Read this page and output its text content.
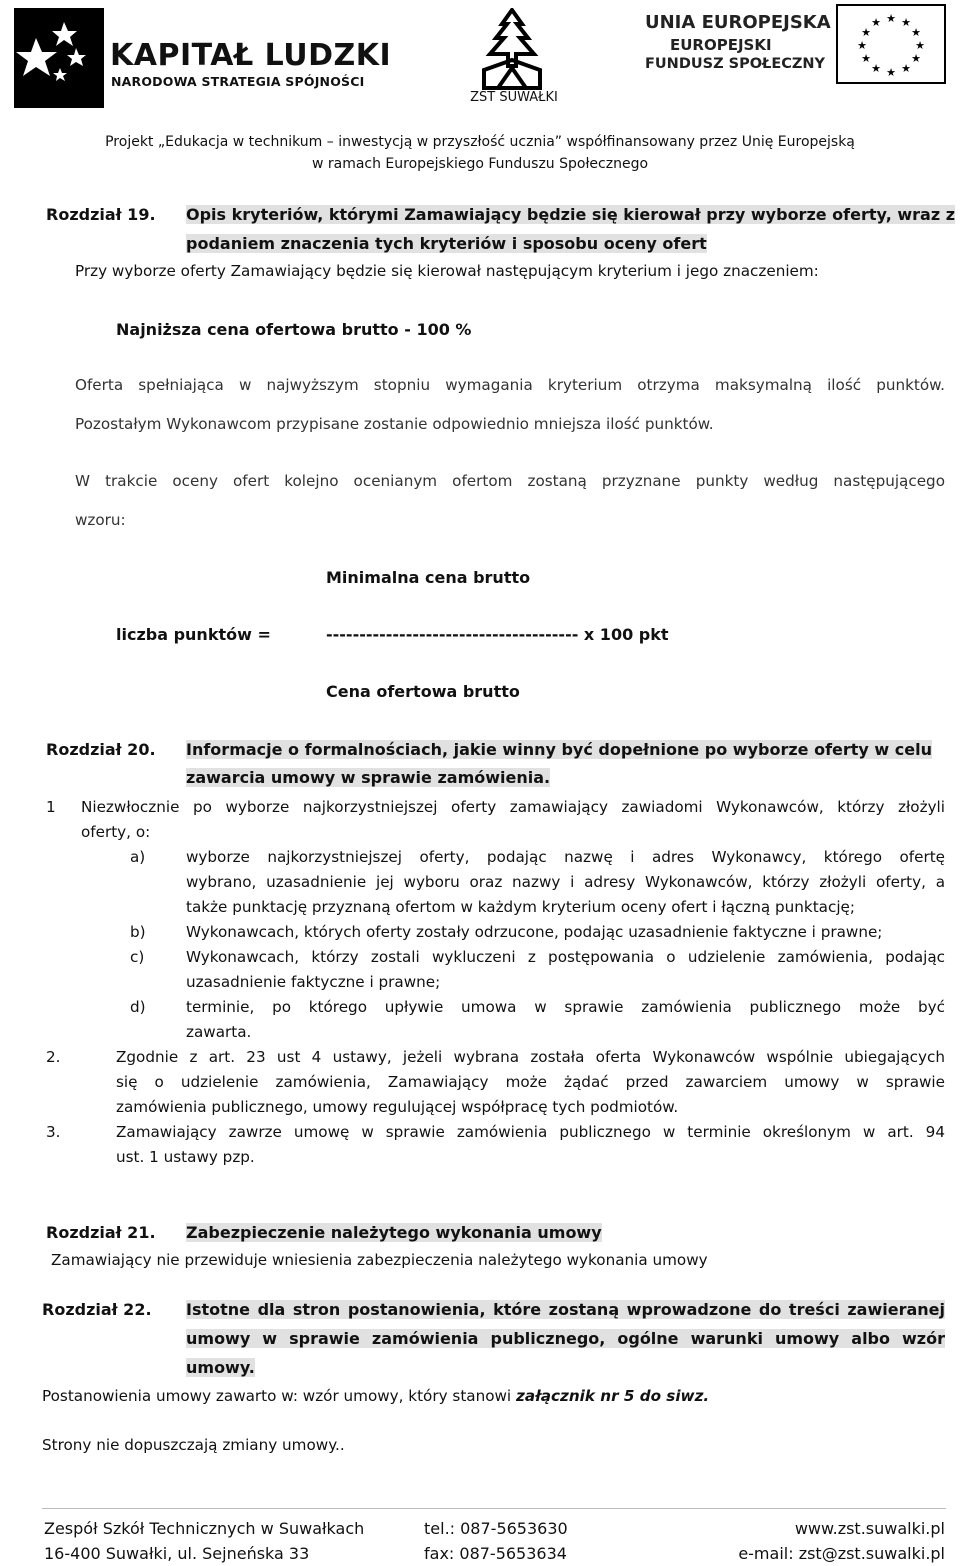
KAPITAŁ LUDZKI
NARODOWA STRATEGIA SPÓJNOŚCI
ZST SUWAŁKI
UNIA EUROPEJSKA
EUROPEJSKI
FUNDUSZ SPOŁECZNY
★ ★
★
★
★
★
★
★
★
★
★
★
Projekt „Edukacja w technikum – inwestycją w przyszłość ucznia” współfinansowany przez Unię Europejską
w ramach Europejskiego Funduszu Społecznego
Rozdział 19. Opis kryteriów, którymi Zamawiający będzie się kierował przy wyborze oferty, wraz z
podaniem znaczenia tych kryteriów i sposobu oceny ofert
Przy wyborze oferty Zamawiający będzie się kierował następującym kryterium i jego znaczeniem:
Najniższa cena ofertowa brutto - 100 %
Oferta spełniająca w najwyższym stopniu wymagania kryterium otrzyma maksymalną ilość punktów.
Pozostałym Wykonawcom przypisane zostanie odpowiednio mniejsza ilość punktów.
W trakcie oceny ofert kolejno ocenianym ofertom zostaną przyznane punkty według następującego
wzoru:
Minimalna cena brutto
liczba punktów =	-------------------------------------- x 100 pkt
Cena ofertowa brutto
Rozdział 20. Informacje o formalnościach, jakie winny być dopełnione po wyborze oferty w celu
zawarcia umowy w sprawie zamówienia.
1 Niezwłocznie po wyborze najkorzystniejszej oferty zamawiający zawiadomi Wykonawców, którzy złożyli
oferty, o:
a)	wyborze najkorzystniejszej oferty, podając nazwę i adres Wykonawcy, którego ofertę
wybrano, uzasadnienie jej wyboru oraz nazwy i adresy Wykonawców, którzy złożyli oferty, a
także punktację przyznaną ofertom w każdym kryterium oceny ofert i łączną punktację;
b)	Wykonawcach, których oferty zostały odrzucone, podając uzasadnienie faktyczne i prawne;
c)	Wykonawcach, którzy zostali wykluczeni z postępowania o udzielenie zamówienia, podając
uzasadnienie faktyczne i prawne;
d)	terminie, po którego upływie umowa w sprawie zamówienia publicznego może być
zawarta.
2.	Zgodnie z art. 23 ust 4 ustawy, jeżeli wybrana została oferta Wykonawców wspólnie ubiegających
się o udzielenie zamówienia, Zamawiający może żądać przed zawarciem umowy w sprawie
zamówienia publicznego, umowy regulującej współpracę tych podmiotów.
3.	Zamawiający zawrze umowę w sprawie zamówienia publicznego w terminie określonym w art. 94
ust. 1 ustawy pzp.
Rozdział 21. Zabezpieczenie należytego wykonania umowy
Zamawiający nie przewiduje wniesienia zabezpieczenia należytego wykonania umowy
Rozdział 22. Istotne dla stron postanowienia, które zostaną wprowadzone do treści zawieranej
umowy w sprawie zamówienia publicznego, ogólne warunki umowy albo wzór
umowy.
Postanowienia umowy zawarto w: wzór umowy, który stanowi załącznik nr 5 do siwz.
Strony nie dopuszczają zmiany umowy..
Zespół Szkół Technicznych w Suwałkach
16-400 Suwałki, ul. Sejneńska 33
tel.: 087-5653630
fax: 087-5653634
www.zst.suwalki.pl
e-mail: zst@zst.suwalki.pl
